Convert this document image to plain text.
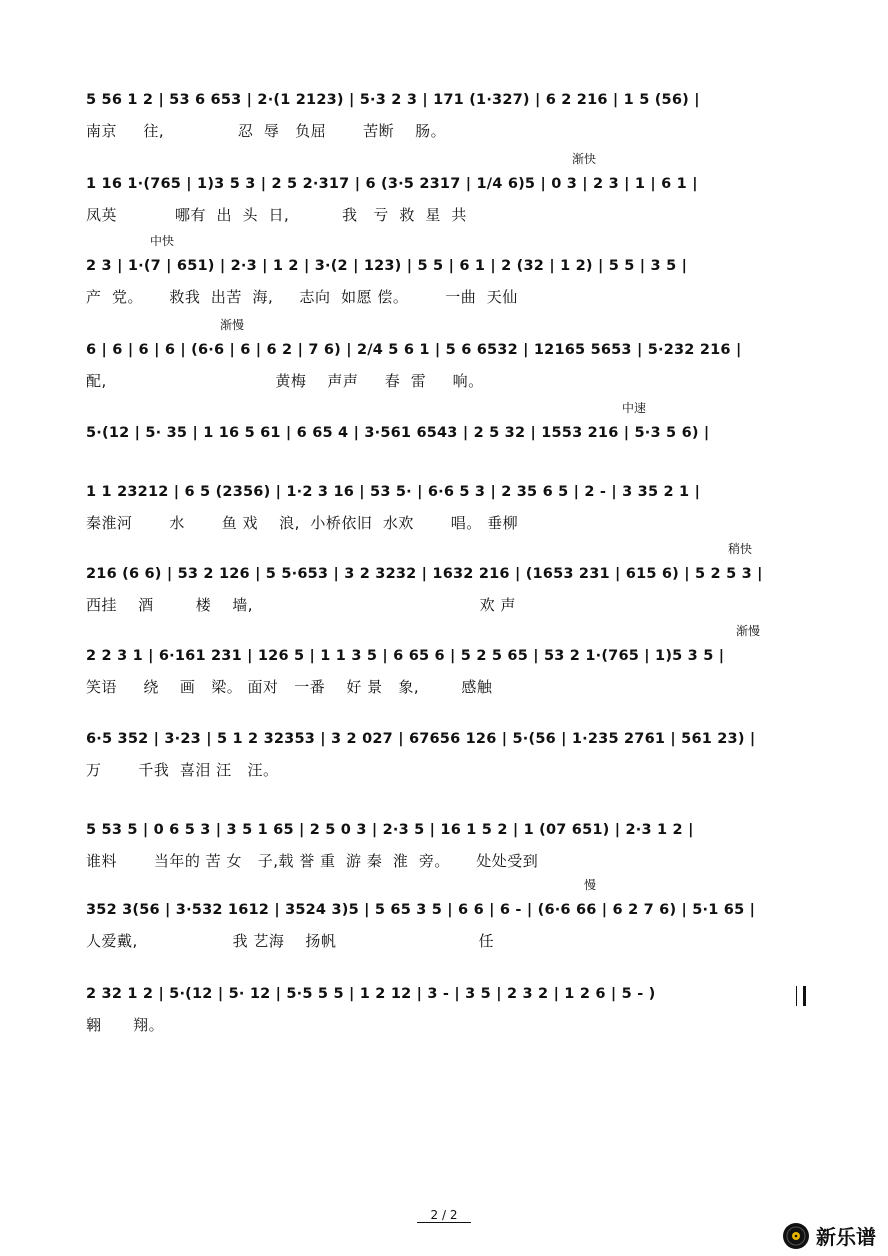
5 56 1 2 | 53 6 653 | 2·(1 2123) | 5·3 2 3 | 171 (1·327) | 6 2 216 | 1 5 (56) |
南京     往,              忍  辱   负屈       苦断    肠。
渐快
1 16 1·(765 | 1)3 5 3 | 2 5 2·317 | 6 (3·5 2317 | 1/4 6)5 | 0 3 | 2 3 | 1 | 6 1 |
凤英           哪有  出  头  日,          我   亏  救  星  共
中快
2 3 | 1·(7 | 651) | 2·3 | 1 2 | 3·(2 | 123) | 5 5 | 6 1 | 2 (32 | 1 2) | 5 5 | 3 5 |
产  党。     救我  出苦  海,     志向  如愿 偿。       一曲  天仙
渐慢
6 | 6 | 6 | 6 | (6·6 | 6 | 6 2 | 7 6) | 2/4 5 6 1 | 5 6 6532 | 12165 5653 | 5·232 216 |
配,                                黄梅    声声     春  雷     响。
中速
5·(12 | 5· 35 | 1 16 5 61 | 6 65 4 | 3·561 6543 | 2 5 32 | 1553 216 | 5·3 5 6) |
1 1 23212 | 6 5 (2356) | 1·2 3 16 | 53 5· | 6·6 5 3 | 2 35 6 5 | 2 - | 3 35 2 1 |
秦淮河       水       鱼 戏    浪,  小桥依旧  水欢       唱。 垂柳
稍快
216 (6 6) | 53 2 126 | 5 5·653 | 3 2 3232 | 1632 216 | (1653 231 | 615 6) | 5 2 5 3 |
西挂    酒        楼    墙,                                           欢 声
渐慢
2 2 3 1 | 6·161 231 | 126 5 | 1 1 3 5 | 6 65 6 | 5 2 5 65 | 53 2 1·(765 | 1)5 3 5 |
笑语     绕    画   梁。 面对   一番    好 景   象,        感触
6·5 352 | 3·23 | 5 1 2 32353 | 3 2 027 | 67656 126 | 5·(56 | 1·235 2761 | 561 23) |
万       千我  喜泪 汪   汪。
5 53 5 | 0 6 5 3 | 3 5 1 65 | 2 5 0 3 | 2·3 5 | 16 1 5 2 | 1 (07 651) | 2·3 1 2 |
谁料       当年的 苦 女   子,载 誉 重  游 秦  淮  旁。     处处受到
慢
352 3(56 | 3·532 1612 | 3524 3)5 | 5 65 3 5 | 6 6 | 6 - | (6·6 66 | 6 2 7 6) | 5·1 65 |
人爱戴,                  我 艺海    扬帆                           任
2 32 1 2 | 5·(12 | 5· 12 | 5·5 5 5 | 1 2 12 | 3 - | 3 5 | 2 3 2 | 1 2 6 | 5 - )
翱      翔。
2 / 2
新乐谱
